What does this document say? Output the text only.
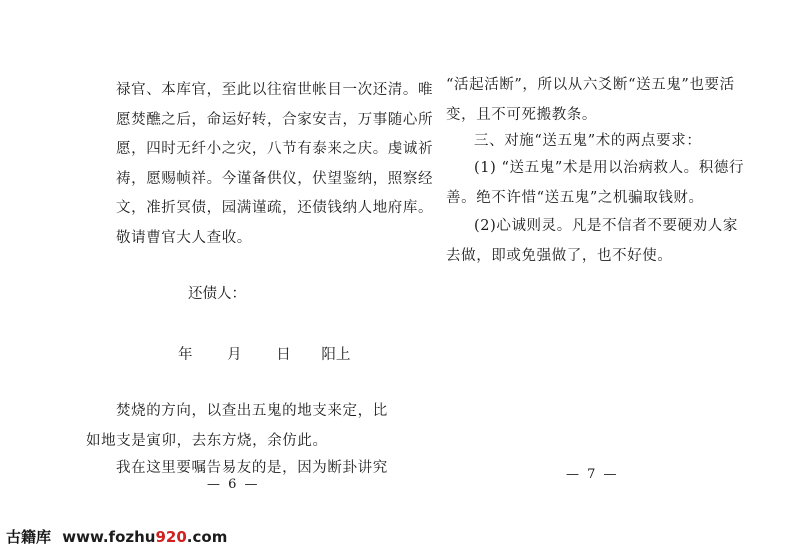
禄官、本库官，至此以往宿世帐目一次还清。唯
愿焚醮之后，命运好转，合家安吉，万事随心所
愿，四时无纤小之灾，八节有泰来之庆。虔诚祈
祷，愿赐帧祥。今谨备供仪，伏望鉴纳，照察经
文，准折冥债，园满谨疏，还债钱纳人地府库。
敬请曹官大人查收。
还债人：
年 月 日 阳上
焚烧的方向，以查出五鬼的地支来定，比
如地支是寅卯，去东方烧，余仿此。
我在这里要嘱告易友的是，因为断卦讲究
— 6 —
“活起活断”，所以从六爻断“送五鬼”也要活
变，且不可死搬教条。
三、对施“送五鬼”术的两点要求：
(1) “送五鬼”术是用以治病救人。积德行
善。绝不许惜“送五鬼”之机骗取钱财。
(2)心诚则灵。凡是不信者不要硬劝人家
去做，即或免强做了，也不好使。
— 7 —
古籍库 www.fozhu920.com
